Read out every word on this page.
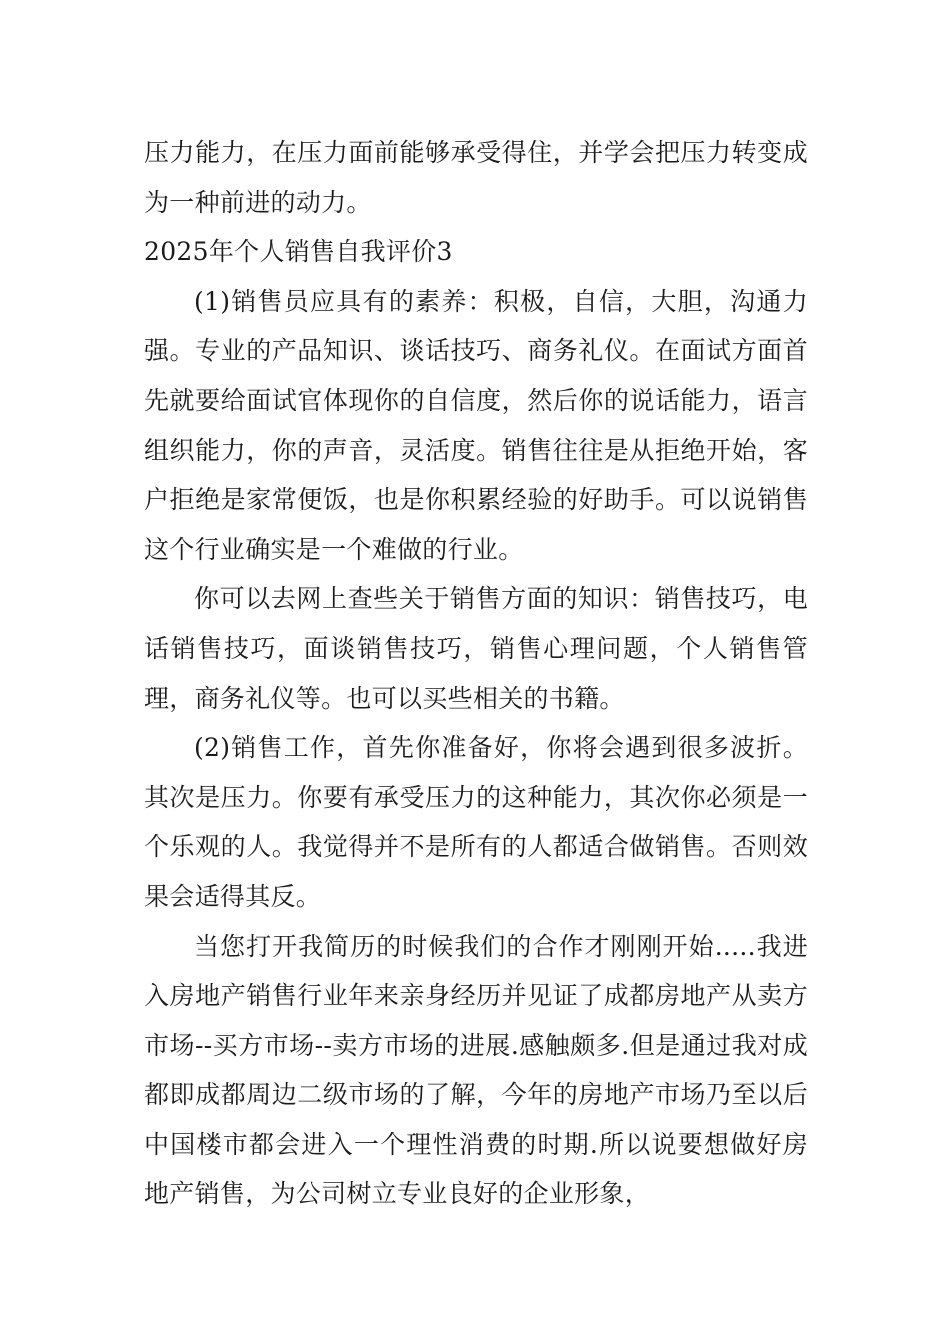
压力能力，在压力面前能够承受得住，并学会把压力转变成为一种前进的动力。

2025年个人销售自我评价3

(1)销售员应具有的素养：积极，自信，大胆，沟通力强。专业的产品知识、谈话技巧、商务礼仪。在面试方面首先就要给面试官体现你的自信度，然后你的说话能力，语言组织能力，你的声音，灵活度。销售往往是从拒绝开始，客户拒绝是家常便饭，也是你积累经验的好助手。可以说销售这个行业确实是一个难做的行业。

你可以去网上查些关于销售方面的知识：销售技巧，电话销售技巧，面谈销售技巧，销售心理问题，个人销售管理，商务礼仪等。也可以买些相关的书籍。

(2)销售工作，首先你准备好，你将会遇到很多波折。其次是压力。你要有承受压力的这种能力，其次你必须是一个乐观的人。我觉得并不是所有的人都适合做销售。否则效果会适得其反。

当您打开我简历的时候我们的合作才刚刚开始.....我进入房地产销售行业年来亲身经历并见证了成都房地产从卖方市场--买方市场--卖方市场的进展.感触颇多.但是通过我对成都即成都周边二级市场的了解，今年的房地产市场乃至以后中国楼市都会进入一个理性消费的时期.所以说要想做好房地产销售，为公司树立专业良好的企业形象，
